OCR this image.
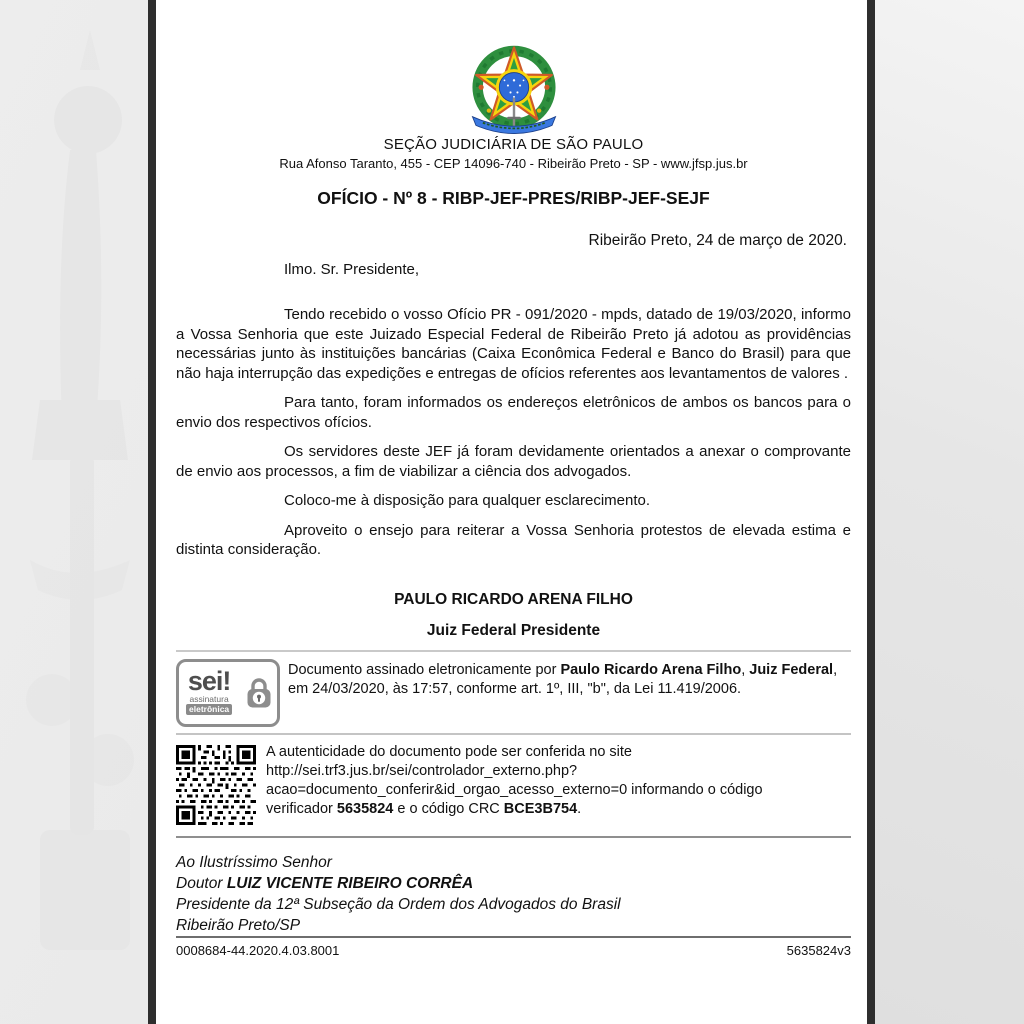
SEÇÃO JUDICIÁRIA DE SÃO PAULO
Rua Afonso Taranto, 455 - CEP 14096-740 - Ribeirão Preto - SP - www.jfsp.jus.br
OFÍCIO - Nº 8 - RIBP-JEF-PRES/RIBP-JEF-SEJF
Ribeirão Preto, 24 de março de 2020.
Ilmo. Sr. Presidente,

Tendo recebido o vosso Ofício PR - 091/2020 - mpds, datado de 19/03/2020, informo a Vossa Senhoria que este Juizado Especial Federal de Ribeirão Preto já adotou as providências necessárias junto às instituições bancárias (Caixa Econômica Federal e Banco do Brasil) para que não haja interrupção das expedições e entregas de ofícios referentes aos levantamentos de valores .

Para tanto, foram informados os endereços eletrônicos de ambos os bancos para o envio dos respectivos ofícios.

Os servidores deste JEF já foram devidamente orientados a anexar o comprovante de envio aos processos, a fim de viabilizar a ciência dos advogados.

Coloco-me à disposição para qualquer esclarecimento.

Aproveito o ensejo para reiterar a Vossa Senhoria protestos de elevada estima e distinta consideração.

PAULO RICARDO ARENA FILHO
Juiz Federal Presidente
sei!
assinatura
eletrônica
Documento assinado eletronicamente por Paulo Ricardo Arena Filho, Juiz Federal, em 24/03/2020, às 17:57, conforme art. 1º, III, "b", da Lei 11.419/2006.
A autenticidade do documento pode ser conferida no site
http://sei.trf3.jus.br/sei/controlador_externo.php?
acao=documento_conferir&id_orgao_acesso_externo=0 informando o código
verificador 5635824 e o código CRC BCE3B754.
Ao Ilustríssimo Senhor
Doutor LUIZ VICENTE RIBEIRO CORRÊA
Presidente da 12ª Subseção da Ordem dos Advogados do Brasil
Ribeirão Preto/SP
0008684-44.2020.4.03.8001	5635824v3
